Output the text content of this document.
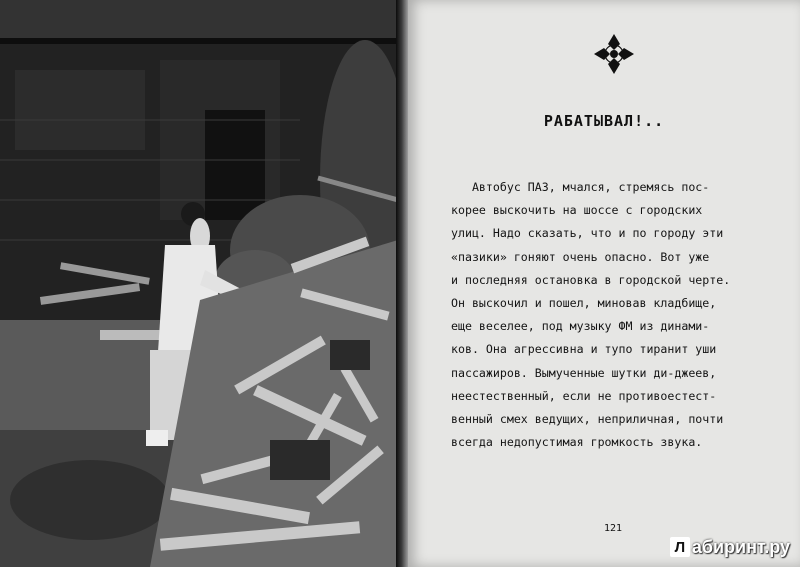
РАБАТЫВАЛ!..
Автобус ПАЗ, мчался, стремясь пос-
корее выскочить на шоссе с городских
улиц. Надо сказать, что и по городу эти
«пазики» гоняют очень опасно. Вот уже
и последняя остановка в городской черте.
Он выскочил и пошел, миновав кладбище,
еще веселее, под музыку ФМ из динами-
ков. Она агрессивна и тупо тиранит уши
пассажиров. Вымученные шутки ди-джеев,
неестественный, если не противоестест-
венный смех ведущих, неприличная, почти
всегда недопустимая громкость звука.
121
Л абиринт.ру
